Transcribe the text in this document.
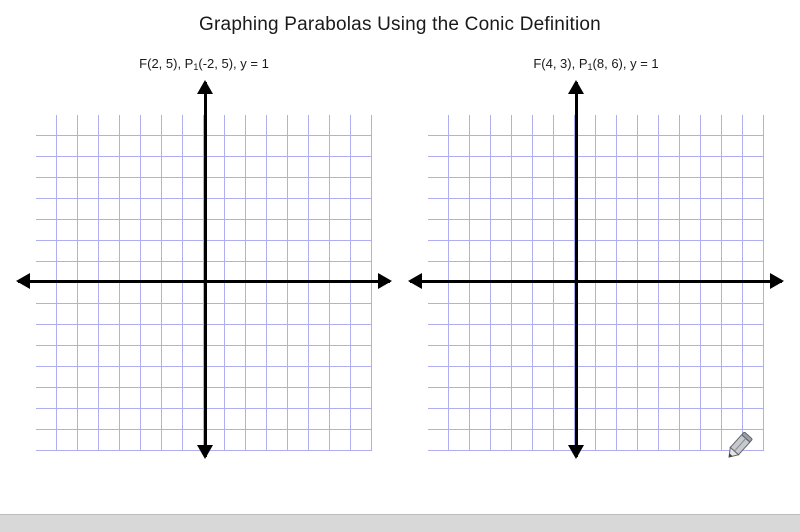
Graphing Parabolas Using the Conic Definition
F(2, 5), $P_1(-2$, 5), y = 1	F(4, 3), $P_1(8$, 6), y = 1
